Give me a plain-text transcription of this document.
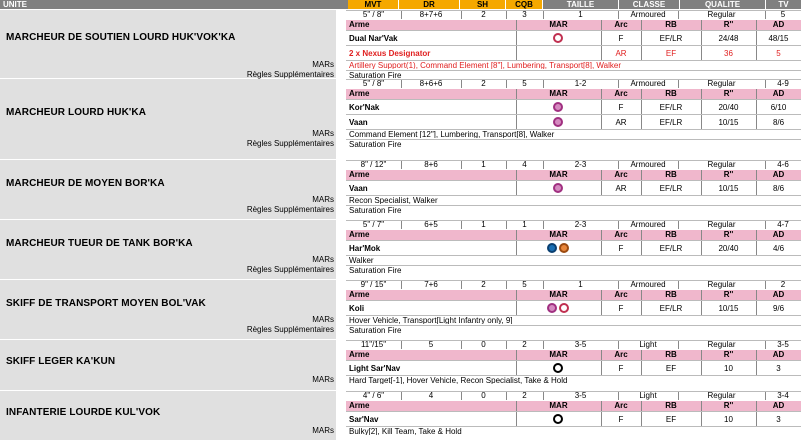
UNITE	MVT	DR	SH	CQB	TAILLE	CLASSE	QUALITE	TV
MARCHEUR DE SOUTIEN LOURD HUK'VOK'KA
5" / 8"	8+7+6	2	3	1	Armoured	Regular	5
Arme	MAR	Arc	RB	R''	AD
Dual Nar'Vak	F	EF/LR	24/48	48/15
2 x Nexus Designator	AR	EF	36	5
Artillery Support(1), Command Element [8"], Lumbering, Transport[8], Walker
MARs
Saturation Fire
Règles Supplémentaires
MARCHEUR LOURD HUK'KA
5" / 8"	8+6+6	2	5	1-2	Armoured	Regular	4-9
Arme	MAR	Arc	RB	R''	AD
Kor'Nak	F	EF/LR	20/40	6/10
Vaan	AR	EF/LR	10/15	8/6
Command Element [12"], Lumbering, Transport[8], Walker
MARs
Saturation Fire
Règles Supplémentaires
MARCHEUR DE MOYEN BOR'KA
8" / 12"	8+6	1	4	2-3	Armoured	Regular	4-6
Arme	MAR	Arc	RB	R''	AD
Vaan	AR	EF/LR	10/15	8/6
Recon Specialist, Walker
MARs
Saturation Fire
Règles Supplémentaires
MARCHEUR TUEUR DE TANK BOR'KA
5" / 7"	6+5	1	1	2-3	Armoured	Regular	4-7
Arme	MAR	Arc	RB	R''	AD
Har'Mok	F	EF/LR	20/40	4/6
Walker
MARs
Saturation Fire
Règles Supplémentaires
SKIFF DE TRANSPORT MOYEN BOL'VAK
9" / 15"	7+6	2	5	1	Armoured	Regular	2
Arme	MAR	Arc	RB	R''	AD
Koli	F	EF/LR	10/15	9/6
Hover Vehicle, Transport[Light Infantry only, 9]
MARs
Saturation Fire
Règles Supplémentaires
SKIFF LEGER KA'KUN
11"/15"	5	0	2	3-5	Light	Regular	3-5
Arme	MAR	Arc	RB	R''	AD
Light Sar'Nav	F	EF	10	3
Hard Target[-1], Hover Vehicle, Recon Specialist, Take & Hold
MARs
INFANTERIE LOURDE KUL'VOK
4" / 6"	4	0	2	3-5	Light	Regular	3-4
Arme	MAR	Arc	RB	R''	AD
Sar'Nav	F	EF	10	3
Bulky[2], Kill Team, Take & Hold
MARs
